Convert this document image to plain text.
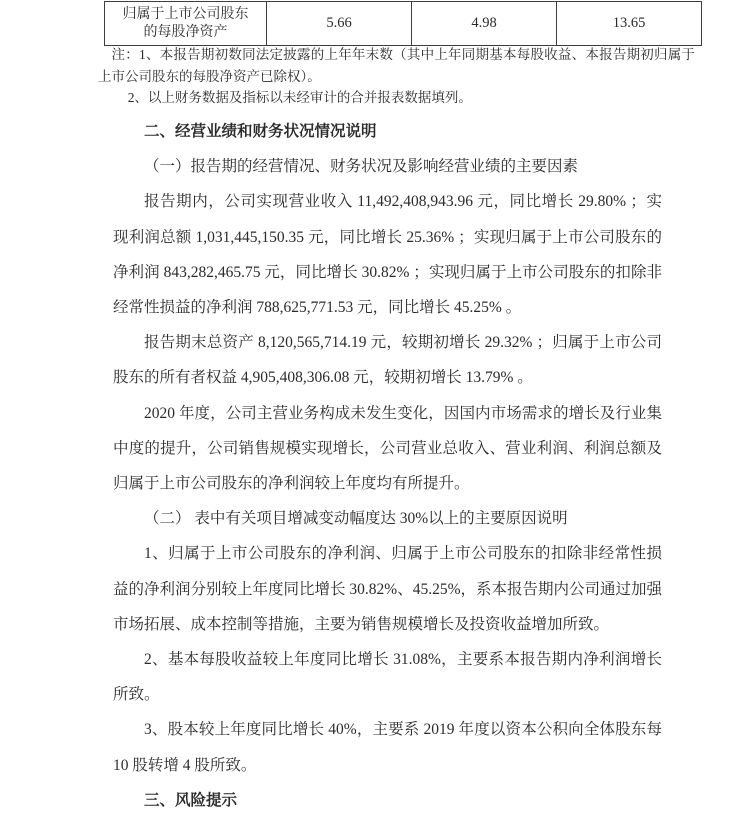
归属于上市公司股东的每股净资产	5.66	4.98	13.65

注：1、本报告期初数同法定披露的上年年末数（其中上年同期基本每股收益、本报告期初归属于上市公司股东的每股净资产已除权）。

2、以上财务数据及指标以未经审计的合并报表数据填列。

二、经营业绩和财务状况情况说明

（一）报告期的经营情况、财务状况及影响经营业绩的主要因素

报告期内，公司实现营业收入 11,492,408,943.96 元，同比增长 29.80% ；实现利润总额 1,031,445,150.35 元，同比增长 25.36% ；实现归属于上市公司股东的净利润 843,282,465.75 元，同比增长 30.82% ；实现归属于上市公司股东的扣除非经常性损益的净利润 788,625,771.53 元，同比增长 45.25% 。

报告期末总资产 8,120,565,714.19 元，较期初增长 29.32% ；归属于上市公司股东的所有者权益 4,905,408,306.08 元，较期初增长 13.79% 。

2020 年度，公司主营业务构成未发生变化，因国内市场需求的增长及行业集中度的提升，公司销售规模实现增长，公司营业总收入、营业利润、利润总额及归属于上市公司股东的净利润较上年度均有所提升。

（二） 表中有关项目增减变动幅度达 30%以上的主要原因说明

1、归属于上市公司股东的净利润、归属于上市公司股东的扣除非经常性损益的净利润分别较上年度同比增长 30.82%、45.25%，系本报告期内公司通过加强市场拓展、成本控制等措施，主要为销售规模增长及投资收益增加所致。

2、基本每股收益较上年度同比增长 31.08%，主要系本报告期内净利润增长所致。

3、股本较上年度同比增长 40%，主要系 2019 年度以资本公积向全体股东每 10 股转增 4 股所致。

三、风险提示
